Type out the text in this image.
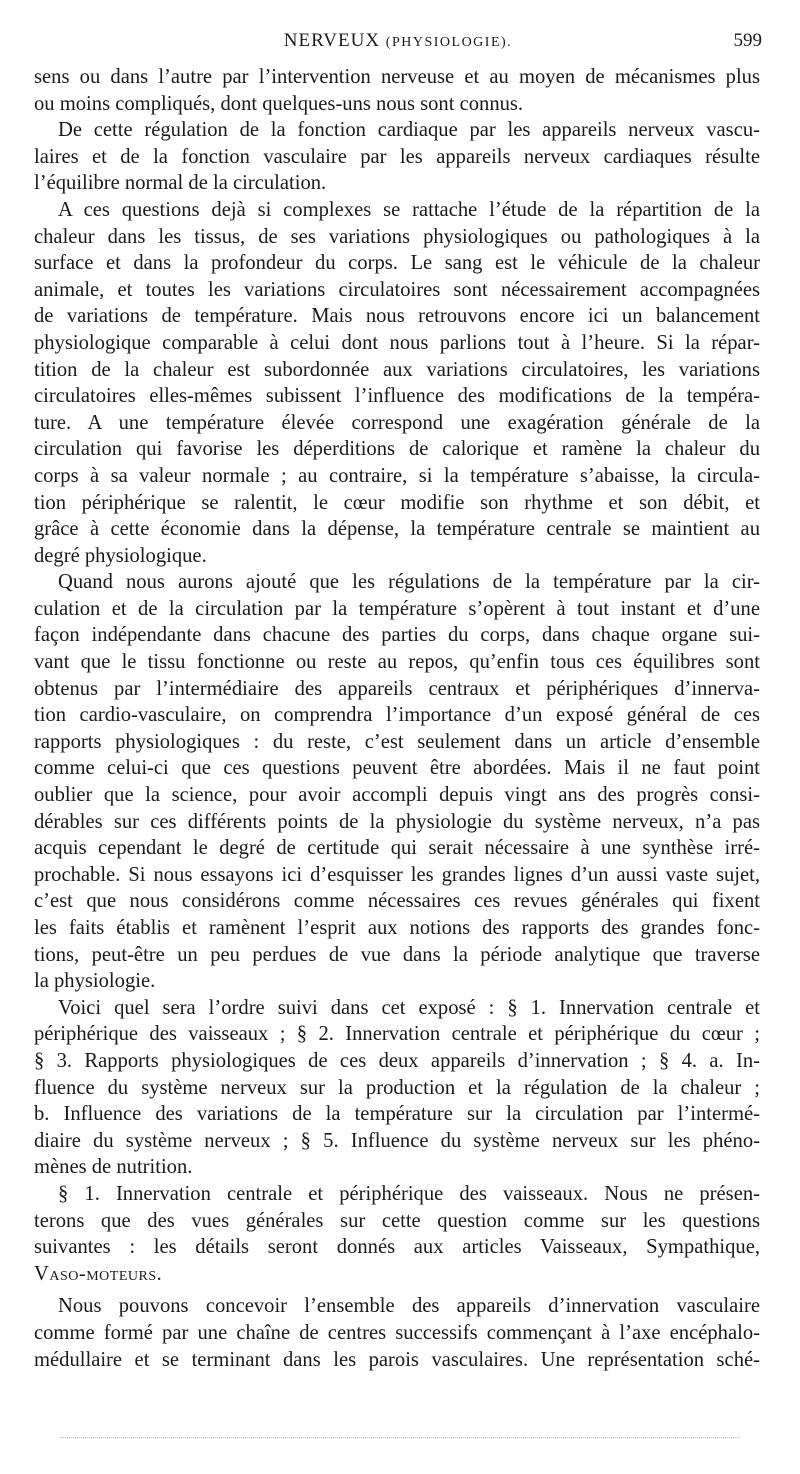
NERVEUX (PHYSIOLOGIE).	599
sens ou dans l’autre par l’intervention nerveuse et au moyen de mécanismes plus
ou moins compliqués, dont quelques-uns nous sont connus.
De cette régulation de la fonction cardiaque par les appareils nerveux vascu-
laires et de la fonction vasculaire par les appareils nerveux cardiaques résulte
l’équilibre normal de la circulation.
A ces questions dejà si complexes se rattache l’étude de la répartition de la
chaleur dans les tissus, de ses variations physiologiques ou pathologiques à la
surface et dans la profondeur du corps. Le sang est le véhicule de la chaleur
animale, et toutes les variations circulatoires sont nécessairement accompagnées
de variations de température. Mais nous retrouvons encore ici un balancement
physiologique comparable à celui dont nous parlions tout à l’heure. Si la répar-
tition de la chaleur est subordonnée aux variations circulatoires, les variations
circulatoires elles-mêmes subissent l’influence des modifications de la tempéra-
ture. A une température élevée correspond une exagération générale de la
circulation qui favorise les déperditions de calorique et ramène la chaleur du
corps à sa valeur normale ; au contraire, si la température s’abaisse, la circula-
tion périphérique se ralentit, le cœur modifie son rhythme et son débit, et
grâce à cette économie dans la dépense, la température centrale se maintient au
degré physiologique.
Quand nous aurons ajouté que les régulations de la température par la cir-
culation et de la circulation par la température s’opèrent à tout instant et d’une
façon indépendante dans chacune des parties du corps, dans chaque organe sui-
vant que le tissu fonctionne ou reste au repos, qu’enfin tous ces équilibres sont
obtenus par l’intermédiaire des appareils centraux et périphériques d’innerva-
tion cardio-vasculaire, on comprendra l’importance d’un exposé général de ces
rapports physiologiques : du reste, c’est seulement dans un article d’ensemble
comme celui-ci que ces questions peuvent être abordées. Mais il ne faut point
oublier que la science, pour avoir accompli depuis vingt ans des progrès consi-
dérables sur ces différents points de la physiologie du système nerveux, n’a pas
acquis cependant le degré de certitude qui serait nécessaire à une synthèse irré-
prochable. Si nous essayons ici d’esquisser les grandes lignes d’un aussi vaste sujet,
c’est que nous considérons comme nécessaires ces revues générales qui fixent
les faits établis et ramènent l’esprit aux notions des rapports des grandes fonc-
tions, peut-être un peu perdues de vue dans la période analytique que traverse
la physiologie.
Voici quel sera l’ordre suivi dans cet exposé : § 1. Innervation centrale et
périphérique des vaisseaux ; § 2. Innervation centrale et périphérique du cœur ;
§ 3. Rapports physiologiques de ces deux appareils d’innervation ; § 4. a. In-
fluence du système nerveux sur la production et la régulation de la chaleur ;
b. Influence des variations de la température sur la circulation par l’intermé-
diaire du système nerveux ; § 5. Influence du système nerveux sur les phéno-
mènes de nutrition.
§ 1. Innervation centrale et périphérique des vaisseaux. Nous ne présen-
terons que des vues générales sur cette question comme sur les questions
suivantes : les détails seront donnés aux articles Vaisseaux, Sympathique,
Vaso-moteurs.
Nous pouvons concevoir l’ensemble des appareils d’innervation vasculaire
comme formé par une chaîne de centres successifs commençant à l’axe encéphalo-
médullaire et se terminant dans les parois vasculaires. Une représentation sché-
